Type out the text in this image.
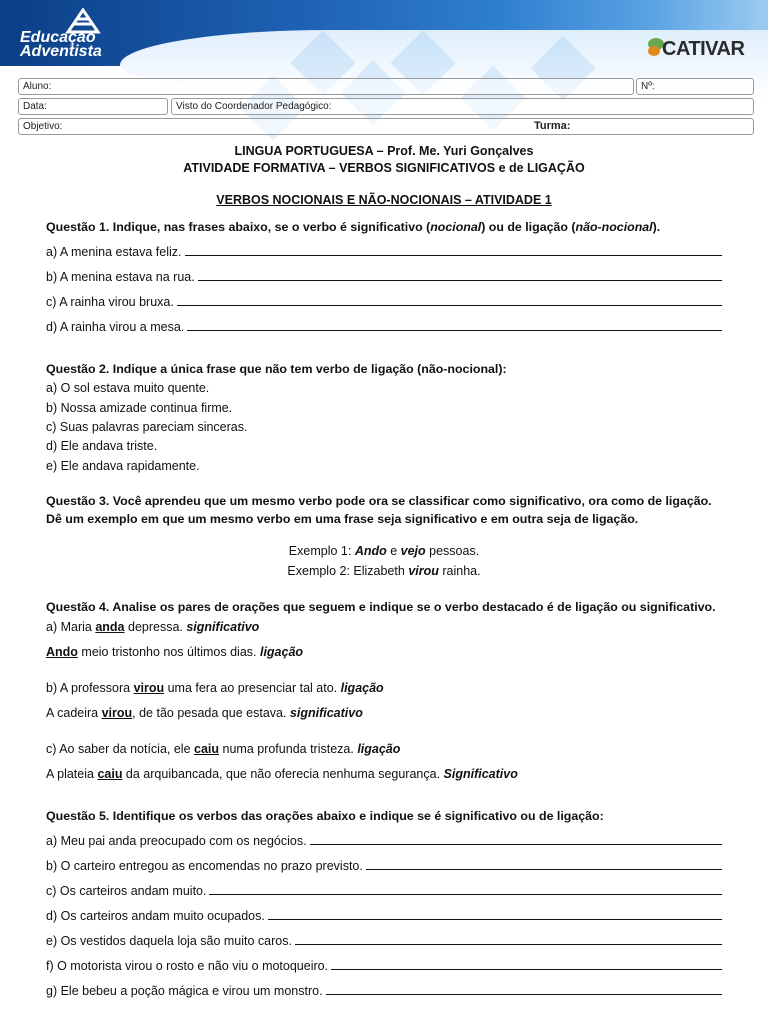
Educação
Adventista	CATIVAR
Aluno:	Nº:
Data:	Visto do Coordenador Pedagógico:
Objetivo:	Turma:
LINGUA PORTUGUESA – Prof. Me. Yuri Gonçalves
ATIVIDADE FORMATIVA – VERBOS SIGNIFICATIVOS e de LIGAÇÃO
VERBOS NOCIONAIS E NÃO-NOCIONAIS – ATIVIDADE 1
Questão 1. Indique, nas frases abaixo, se o verbo é significativo (nocional) ou de ligação (não-nocional).
a) A menina estava feliz.
b) A menina estava na rua.
c) A rainha virou bruxa.
d) A rainha virou a mesa.
Questão 2. Indique a única frase que não tem verbo de ligação (não-nocional):
a) O sol estava muito quente.
b) Nossa amizade continua firme.
c) Suas palavras pareciam sinceras.
d) Ele andava triste.
e) Ele andava rapidamente.
Questão 3. Você aprendeu que um mesmo verbo pode ora se classificar como significativo, ora como de ligação.
Dê um exemplo em que um mesmo verbo em uma frase seja significativo e em outra seja de ligação.
Exemplo 1: Ando e vejo pessoas.
Exemplo 2: Elizabeth virou rainha.
Questão 4. Analise os pares de orações que seguem e indique se o verbo destacado é de ligação ou significativo.
a) Maria anda depressa. significativo
Ando meio tristonho nos últimos dias. ligação
b) A professora virou uma fera ao presenciar tal ato. ligação
A cadeira virou, de tão pesada que estava. significativo
c) Ao saber da notícia, ele caiu numa profunda tristeza. ligação
A plateia caiu da arquibancada, que não oferecia nenhuma segurança. Significativo
Questão 5. Identifique os verbos das orações abaixo e indique se é significativo ou de ligação:
a) Meu pai anda preocupado com os negócios.
b) O carteiro entregou as encomendas no prazo previsto.
c) Os carteiros andam muito.
d) Os carteiros andam muito ocupados.
e) Os vestidos daquela loja são muito caros.
f) O motorista virou o rosto e não viu o motoqueiro.
g) Ele bebeu a poção mágica e virou um monstro.
